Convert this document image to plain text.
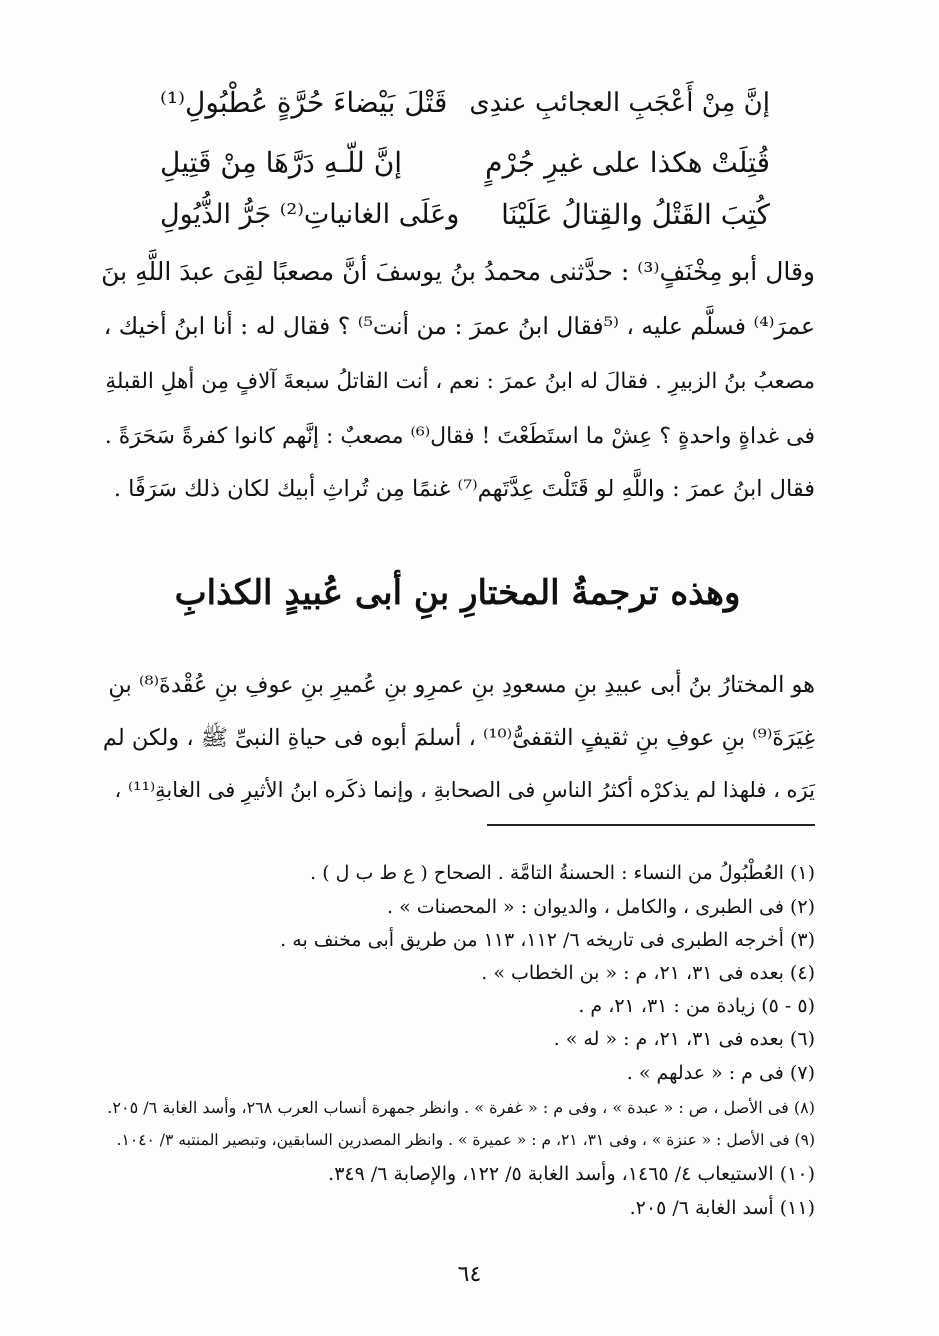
إنَّ مِنْ أَعْجَبِ العجائبِ عندِى
قَتْلَ بَيْضاءَ حُرَّةٍ عُطْبُولِ⁽¹⁾
قُتِلَتْ هكذا على غيرِ جُرْمٍ
إنَّ للّـهِ دَرَّهَا مِنْ قَتِيلِ
كُتِبَ القَتْلُ والقِتالُ عَلَيْنَا
وعَلَى الغانياتِ⁽²⁾ جَرُّ الذُّيُولِ
وقال أبو مِخْنَفٍ⁽³⁾ : حدَّثنى محمدُ بنُ يوسفَ أنَّ مصعبًا لقِىَ عبدَ اللَّهِ بنَ
عمرَ⁽⁴⁾ فسلَّم عليه ، ⁽⁵فقال ابنُ عمرَ : من أنت⁵⁾ ؟ فقال له : أنا ابنُ أخيك ،
مصعبُ بنُ الزبيرِ . فقالَ له ابنُ عمرَ : نعم ، أنت القاتلُ سبعةَ آلافٍ مِن أهلِ القبلةِ
فى غداةٍ واحدةٍ ؟ عِشْ ما استَطَعْتَ ! فقال⁽⁶⁾ مصعبٌ : إنَّهم كانوا كفرةً سَحَرَةً .
فقال ابنُ عمرَ : واللَّهِ لو قَتَلْتَ عِدَّتَهم⁽⁷⁾ غنمًا مِن تُراثِ أبيك لكان ذلك سَرَفًا .
وهذه ترجمةُ المختارِ بنِ أبى عُبيدٍ الكذابِ
هو المختارُ بنُ أبى عبيدِ بنِ مسعودِ بنِ عمرِو بنِ عُميرِ بنِ عوفِ بنِ عُقْدةَ⁽⁸⁾ بنِ
غِيَرَةَ⁽⁹⁾ بنِ عوفِ بنِ ثقيفٍ الثقفىُّ⁽¹⁰⁾ ، أسلمَ أبوه فى حياةِ النبىِّ ﷺ ، ولكن لم
يَرَه ، فلهذا لم يذكرْه أكثرُ الناسِ فى الصحابةِ ، وإنما ذكَره ابنُ الأثيرِ فى الغابةِ⁽¹¹⁾ ،
(١) العُطْبُولُ من النساء : الحسنةُ التامَّة . الصحاح ( ع ط ب ل ) .
(٢) فى الطبرى ، والكامل ، والديوان : « المحصنات » .
(٣) أخرجه الطبرى فى تاريخه ٦/ ١١٢، ١١٣ من طريق أبى مخنف به .
(٤) بعده فى ٣١، ٢١، م : « بن الخطاب » .
(٥ - ٥) زيادة من : ٣١، ٢١، م .
(٦) بعده فى ٣١، ٢١، م : « له » .
(٧) فى م : « عدلهم » .
(٨) فى الأصل ، ص : « عبدة » ، وفى م : « غفرة » . وانظر جمهرة أنساب العرب ٢٦٨، وأسد الغابة ٦/ ٢٠٥.
(٩) فى الأصل : « عنزة » ، وفى ٣١، ٢١، م : « عميرة » . وانظر المصدرين السابقين، وتبصير المنتبه ٣/ ١٠٤٠.
(١٠) الاستيعاب ٤/ ١٤٦٥، وأسد الغابة ٥/ ١٢٢، والإصابة ٦/ ٣٤٩.
(١١) أسد الغابة ٦/ ٢٠٥.
٦٤
